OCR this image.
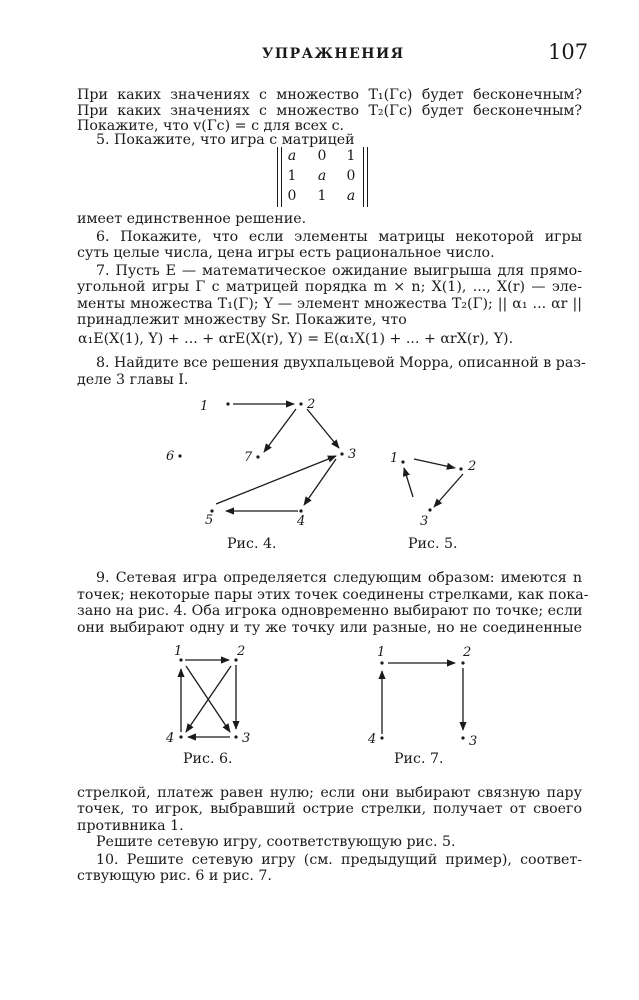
УПРАЖНЕНИЯ	107
При каких значениях c множество T₁(Γc) будет бесконечным?
При каких значениях c множество T₂(Γc) будет бесконечным?
Покажите, что v(Γc) = c для всех c.
5. Покажите, что игра с матрицей
a 0 1
1 a 0
0 1 a
имеет единственное решение.
6. Покажите, что если элементы матрицы некоторой игры
суть целые числа, цена игры есть рациональное число.
7. Пусть E — математическое ожидание выигрыша для прямо-
угольной игры Γ с матрицей порядка m × n; X(1), ..., X(r) — эле-
менты множества T₁(Γ); Y — элемент множества T₂(Γ); || α₁ ... αr ||
принадлежит множеству Sr. Покажите, что
α₁E(X(1), Y) + ... + αrE(X(r), Y) = E(α₁X(1) + ... + αrX(r), Y).
8. Найдите все решения двухпальцевой Морра, описанной в раз-
деле 3 главы I.
Рис. 4.	Рис. 5.
9. Сетевая игра определяется следующим образом: имеются n
точек; некоторые пары этих точек соединены стрелками, как пока-
зано на рис. 4. Оба игрока одновременно выбирают по точке; если
они выбирают одну и ту же точку или разные, но не соединенные
Рис. 6.	Рис. 7.
стрелкой, платеж равен нулю; если они выбирают связную пару
точек, то игрок, выбравший острие стрелки, получает от своего
противника 1.
Решите сетевую игру, соответствующую рис. 5.
10. Решите сетевую игру (см. предыдущий пример), соответ-
ствующую рис. 6 и рис. 7.
1	2
3
4
5
6	7	1
2
3
1	2
3
4
1	2
3
4
